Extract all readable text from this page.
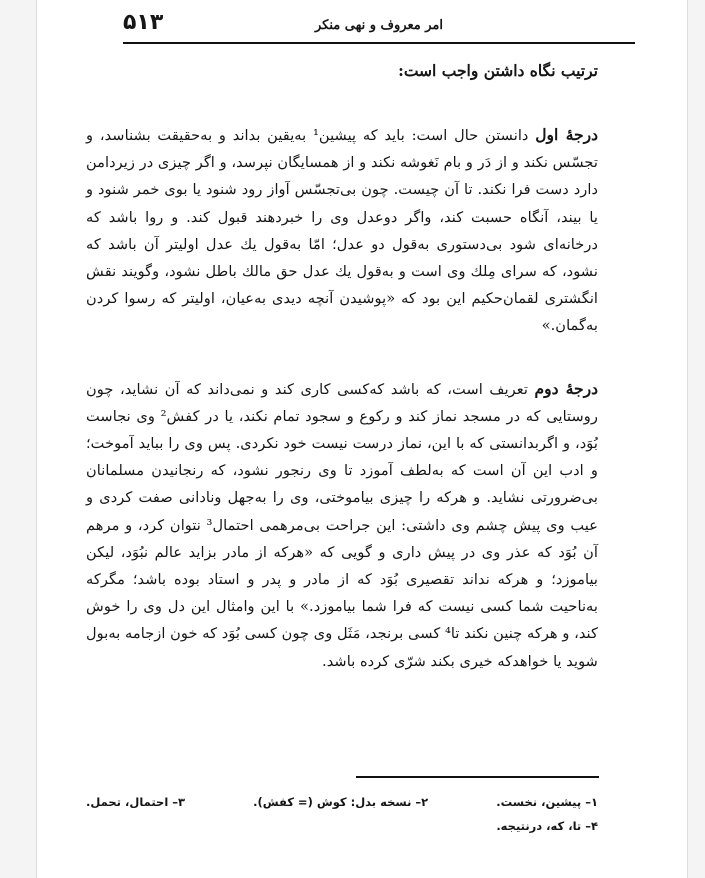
۵۱۳	امر معروف و نهی منکر

ترتیب نگاه داشتن واجب است:

درجهٔ اول دانستن حال است: باید که پیشین¹ به‌یقین بداند و به‌حقیقت بشناسد، و تجسّس نکند و از دَر و بام نَغوشه نکند و از همسایگان نپرسد، و اگر چیزی در زیردامن دارد دست فرا نکند. تا آن چیست. چون بی‌تجسّس آواز رود شنود یا بوی خمر شنود و یا بیند، آنگاه حسبت کند، واگر دوعدل وی را خبردهند قبول کند. و روا باشد که درخانه‌ای شود بی‌دستوری به‌قول دو عدل؛ امّا به‌قول یك عدل اولیتر آن باشد که نشود، که سرای مِلك وی است و به‌قول یك عدل حق مالك باطل نشود، وگویند نقش انگشتری لقمان‌حکیم این بود که «پوشیدن آنچه دیدی به‌عیان، اولیتر که رسوا کردن به‌گمان.»

درجهٔ دوم تعریف است، که باشد که‌کسی کاری کند و نمی‌داند که آن نشاید، چون روستایی که در مسجد نماز کند و رکوع و سجود تمام نکند، یا در کفش² وی نجاست بُوَد، و اگربدانستی که با این، نماز درست نیست خود نکردی. پس وی را بباید آموخت؛ و ادب این آن است که به‌لطف آموزد تا وی رنجور نشود، که رنجانیدن مسلمانان بی‌ضرورتی نشاید. و هرکه را چیزی بیاموختی، وی را به‌جهل ونادانی صفت کردی و عیب وی پیش چشم وی داشتی: این جراحت بی‌مرهمی احتمال³ نتوان کرد، و مرهم آن بُوَد که عذر وی در پیش داری و گویی که «هرکه از مادر بزاید عالم نبُوَد، لیکن بیاموزد؛ و هرکه نداند تقصیری بُوَد که از مادر و پدر و استاد بوده باشد؛ مگرکه به‌ناحیت شما کسی نیست که فرا شما بیاموزد.» با این وامثال این دل وی را خوش کند، و هرکه چنین نکند تا⁴ کسی برنجد، مَثَل وی چون کسی بُوَد که خون ازجامه به‌بول شوید یا خواهدکه خیری بکند شرّی کرده باشد.

۱– پیشین، نخست.
۲– نسخه بدل: کوش (= کفش).
۳– احتمال، تحمل.
۴– تا، که، درنتیجه.
